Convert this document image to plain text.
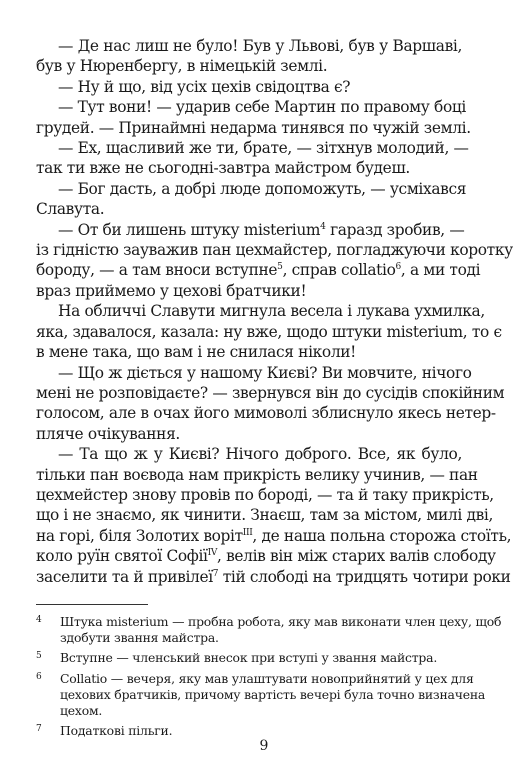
— Де нас лиш не було! Був у Львові, був у Варшаві,
був у Нюренбергу, в німецькій землі.
— Ну й що, від усіх цехів свідоцтва є?
— Тут вони! — ударив себе Мартин по правому боці
грудей. — Принаймні недарма тинявся по чужій землі.
— Ех, щасливий же ти, брате, — зітхнув молодий, —
так ти вже не сьогодні-завтра майстром будеш.
— Бог дасть, а добрі люде допоможуть, — усміхався
Славута.
— От би лишень штуку misterium$^4$ гаразд зробив, —
із гідністю зауважив пан цехмайстер, погладжуючи коротку
бороду, — а там вноси вступне$^5$, справ collatio$^6$, а ми тоді
враз приймемо у цехові братчики!
На обличчі Славути мигнула весела і лукава ухмилка,
яка, здавалося, казала: ну вже, щодо штуки misterium, то є
в мене така, що вам і не снилася ніколи!
— Що ж діється у нашому Києві? Ви мовчите, нічого
мені не розповідаєте? — звернувся він до сусідів спокійним
голосом, але в очах його мимоволі зблиснуло якесь нетер-
пляче очікування.
— Та що ж у Києві? Нічого доброго. Все, як було,
тільки пан воєвода нам прикрість велику учинив, — пан
цехмейстер знову провів по бороді, — та й таку прикрість,
що і не знаємо, як чинити. Знаєш, там за містом, милі дві,
на горі, біля Золотих воріт$^{III}$, де наша польна сторожа стоїть,
коло руїн святої Софії$^{IV}$, велів він між старих валів слободу
заселити та й привілеї$^7$ тій слободі на тридцять чотири роки
4 Штука misterium — пробна робота, яку мав виконати член цеху, щоб
здобути звання майстра.
5 Вступне — членський внесок при вступі у звання майстра.
6 Collatio — вечеря, яку мав улаштувати новоприйнятий у цех для
цехових братчиків, причому вартість вечері була точно визначена
цехом.
7 Податкові пільги.
9
